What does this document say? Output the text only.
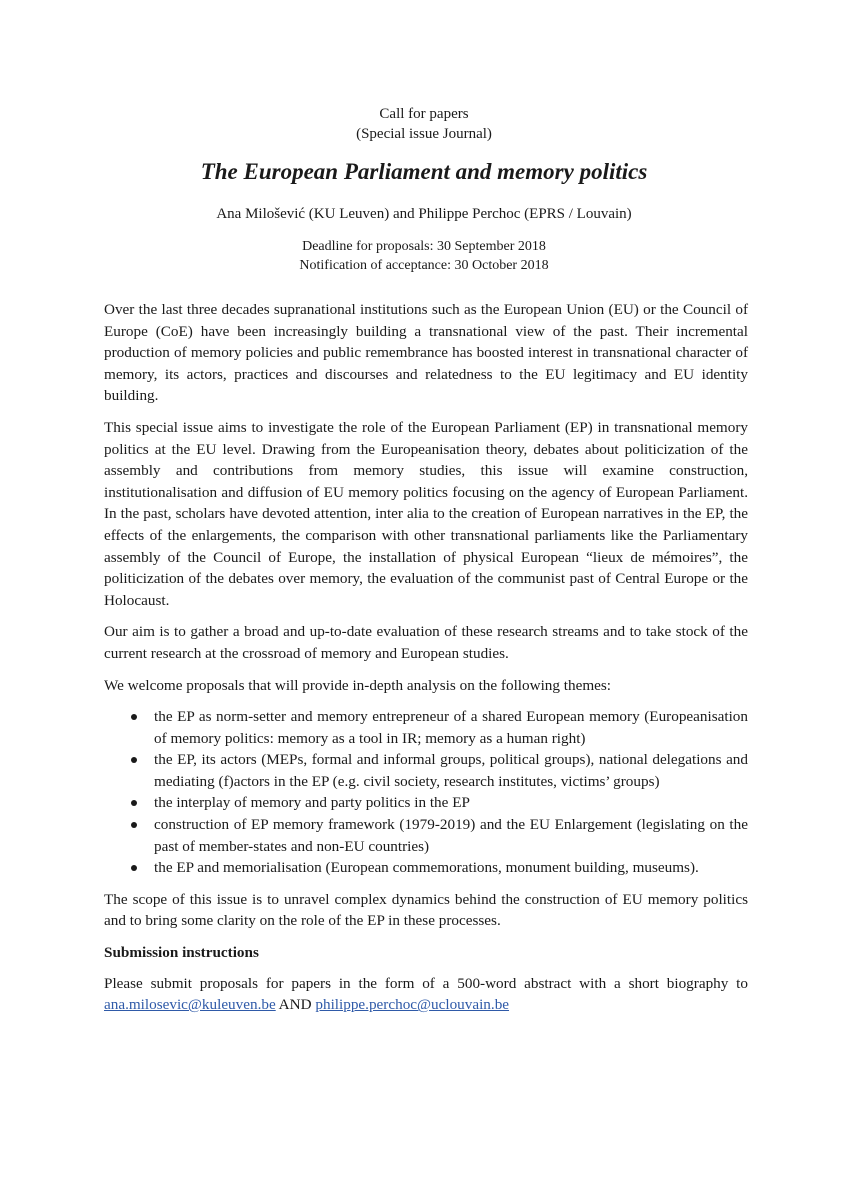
Call for papers
(Special issue Journal)
The European Parliament and memory politics
Ana Milošević (KU Leuven) and Philippe Perchoc (EPRS / Louvain)
Deadline for proposals: 30 September 2018
Notification of acceptance: 30 October 2018

Over the last three decades supranational institutions such as the European Union (EU) or the Council of Europe (CoE) have been increasingly building a transnational view of the past. Their incremental production of memory policies and public remembrance has boosted interest in transnational character of memory, its actors, practices and discourses and relatedness to the EU legitimacy and EU identity building.

This special issue aims to investigate the role of the European Parliament (EP) in transnational memory politics at the EU level. Drawing from the Europeanisation theory, debates about politicization of the assembly and contributions from memory studies, this issue will examine construction, institutionalisation and diffusion of EU memory politics focusing on the agency of European Parliament. In the past, scholars have devoted attention, inter alia to the creation of European narratives in the EP, the effects of the enlargements, the comparison with other transnational parliaments like the Parliamentary assembly of the Council of Europe, the installation of physical European “lieux de mémoires”, the politicization of the debates over memory, the evaluation of the communist past of Central Europe or the Holocaust.

Our aim is to gather a broad and up-to-date evaluation of these research streams and to take stock of the current research at the crossroad of memory and European studies.

We welcome proposals that will provide in-depth analysis on the following themes:

the EP as norm-setter and memory entrepreneur of a shared European memory (Europeanisation of memory politics: memory as a tool in IR; memory as a human right)
the EP, its actors (MEPs, formal and informal groups, political groups), national delegations and mediating (f)actors in the EP (e.g. civil society, research institutes, victims’ groups)
the interplay of memory and party politics in the EP
construction of EP memory framework (1979-2019) and the EU Enlargement (legislating on the past of member-states and non-EU countries)
the EP and memorialisation (European commemorations, monument building, museums).

The scope of this issue is to unravel complex dynamics behind the construction of EU memory politics and to bring some clarity on the role of the EP in these processes.

Submission instructions

Please submit proposals for papers in the form of a 500-word abstract with a short biography to ana.milosevic@kuleuven.be AND philippe.perchoc@uclouvain.be
